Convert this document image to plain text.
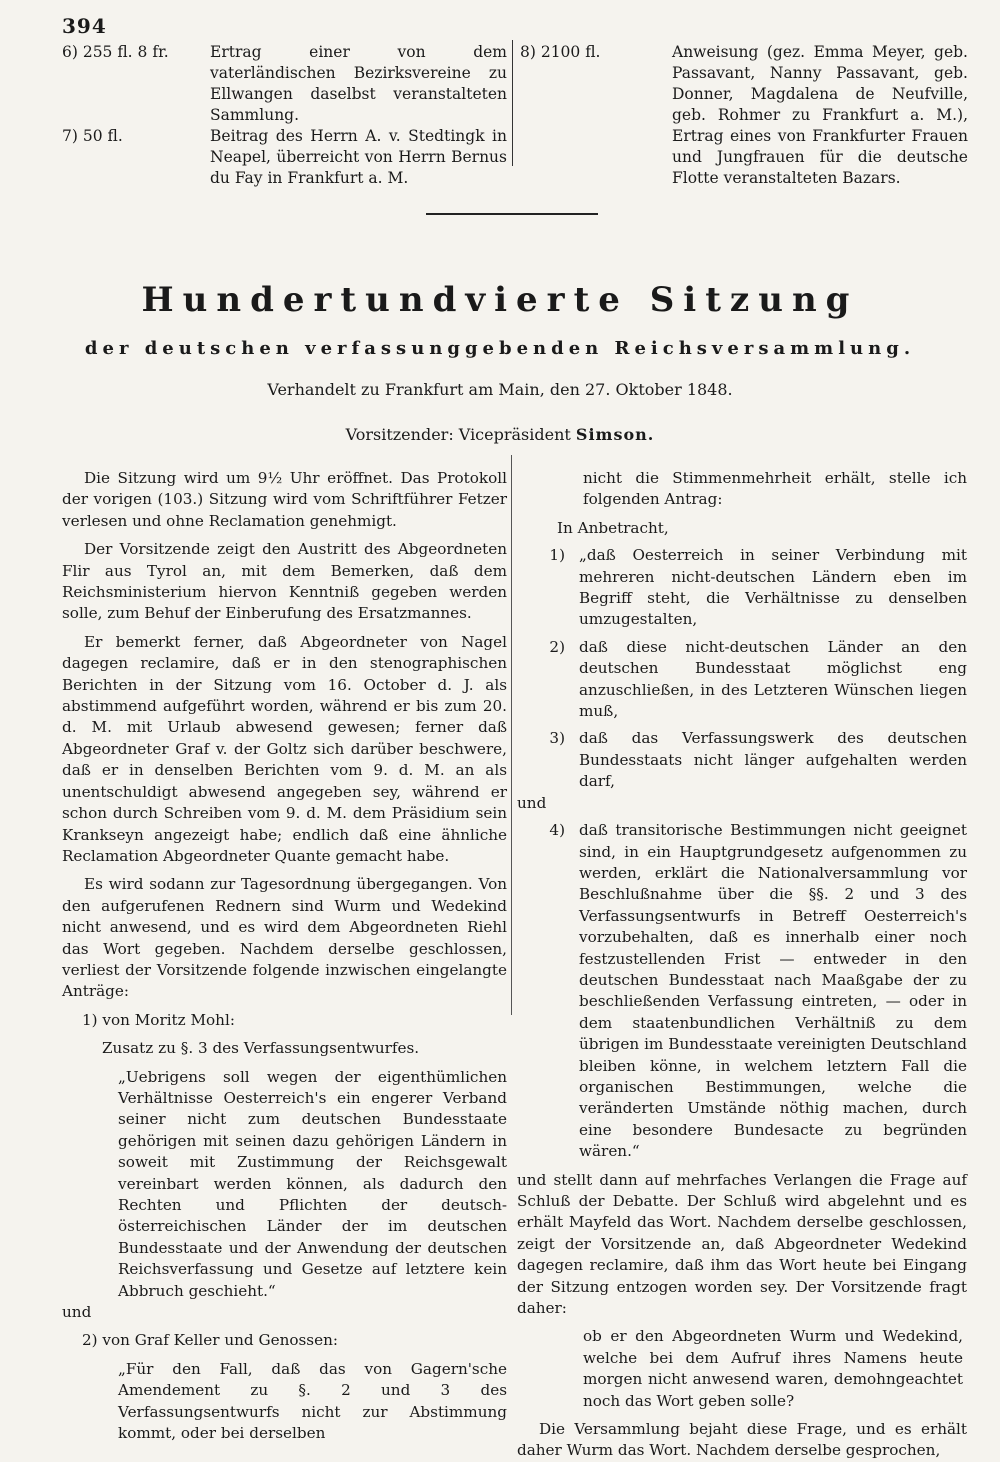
394
6) 255 fl. 8 fr.	Ertrag einer von dem vaterländischen Bezirksvereine zu Ellwangen daselbst veranstalteten Sammlung.
7) 50 fl.	Beitrag des Herrn A. v. Stedtingk in Neapel, überreicht von Herrn Bernus du Fay in Frankfurt a. M.
8) 2100 fl.	Anweisung (gez. Emma Meyer, geb. Passavant, Nanny Passavant, geb. Donner, Magdalena de Neufville, geb. Rohmer zu Frankfurt a. M.), Ertrag eines von Frankfurter Frauen und Jungfrauen für die deutsche Flotte veranstalteten Bazars.
Hundertundvierte Sitzung
der deutschen verfassunggebenden Reichsversammlung.
Verhandelt zu Frankfurt am Main, den 27. Oktober 1848.
Vorsitzender: Vicepräsident Simson.

Die Sitzung wird um 9½ Uhr eröffnet. Das Protokoll der vorigen (103.) Sitzung wird vom Schriftführer Fetzer verlesen und ohne Reclamation genehmigt.

Der Vorsitzende zeigt den Austritt des Abgeordneten Flir aus Tyrol an, mit dem Bemerken, daß dem Reichsministerium hiervon Kenntniß gegeben werden solle, zum Behuf der Einberufung des Ersatzmannes.

Er bemerkt ferner, daß Abgeordneter von Nagel dagegen reclamire, daß er in den stenographischen Berichten in der Sitzung vom 16. October d. J. als abstimmend aufgeführt worden, während er bis zum 20. d. M. mit Urlaub abwesend gewesen; ferner daß Abgeordneter Graf v. der Goltz sich darüber beschwere, daß er in denselben Berichten vom 9. d. M. an als unentschuldigt abwesend angegeben sey, während er schon durch Schreiben vom 9. d. M. dem Präsidium sein Krankseyn angezeigt habe; endlich daß eine ähnliche Reclamation Abgeordneter Quante gemacht habe.

Es wird sodann zur Tagesordnung übergegangen. Von den aufgerufenen Rednern sind Wurm und Wedekind nicht anwesend, und es wird dem Abgeordneten Riehl das Wort gegeben. Nachdem derselbe geschlossen, verliest der Vorsitzende folgende inzwischen eingelangte Anträge:

1) von Moritz Mohl:

Zusatz zu §. 3 des Verfassungsentwurfes.

„Uebrigens soll wegen der eigenthümlichen Verhältnisse Oesterreich's ein engerer Verband seiner nicht zum deutschen Bundesstaate gehörigen mit seinen dazu gehörigen Ländern in soweit mit Zustimmung der Reichsgewalt vereinbart werden können, als dadurch den Rechten und Pflichten der deutsch-österreichischen Länder der im deutschen Bundesstaate und der Anwendung der deutschen Reichsverfassung und Gesetze auf letztere kein Abbruch geschieht.“

und

2) von Graf Keller und Genossen:

„Für den Fall, daß das von Gagern'sche Amendement zu §. 2 und 3 des Verfassungsentwurfs nicht zur Abstimmung kommt, oder bei derselben

nicht die Stimmenmehrheit erhält, stelle ich folgenden Antrag:

In Anbetracht,

1) „daß Oesterreich in seiner Verbindung mit mehreren nicht-deutschen Ländern eben im Begriff steht, die Verhältnisse zu denselben umzugestalten,
2) daß diese nicht-deutschen Länder an den deutschen Bundesstaat möglichst eng anzuschließen, in des Letzteren Wünschen liegen muß,
3) daß das Verfassungswerk des deutschen Bundesstaats nicht länger aufgehalten werden darf,

und

4) daß transitorische Bestimmungen nicht geeignet sind, in ein Hauptgrundgesetz aufgenommen zu werden, erklärt die Nationalversammlung vor Beschlußnahme über die §§. 2 und 3 des Verfassungsentwurfs in Betreff Oesterreich's vorzubehalten, daß es innerhalb einer noch festzustellenden Frist — entweder in den deutschen Bundesstaat nach Maaßgabe der zu beschließenden Verfassung eintreten, — oder in dem staatenbundlichen Verhältniß zu dem übrigen im Bundesstaate vereinigten Deutschland bleiben könne, in welchem letztern Fall die organischen Bestimmungen, welche die veränderten Umstände nöthig machen, durch eine besondere Bundesacte zu begründen wären.“

und stellt dann auf mehrfaches Verlangen die Frage auf Schluß der Debatte. Der Schluß wird abgelehnt und es erhält Mayfeld das Wort. Nachdem derselbe geschlossen, zeigt der Vorsitzende an, daß Abgeordneter Wedekind dagegen reclamire, daß ihm das Wort heute bei Eingang der Sitzung entzogen worden sey. Der Vorsitzende fragt daher:

ob er den Abgeordneten Wurm und Wedekind, welche bei dem Aufruf ihres Namens heute morgen nicht anwesend waren, demohngeachtet noch das Wort geben solle?

Die Versammlung bejaht diese Frage, und es erhält daher Wurm das Wort. Nachdem derselbe gesprochen,
